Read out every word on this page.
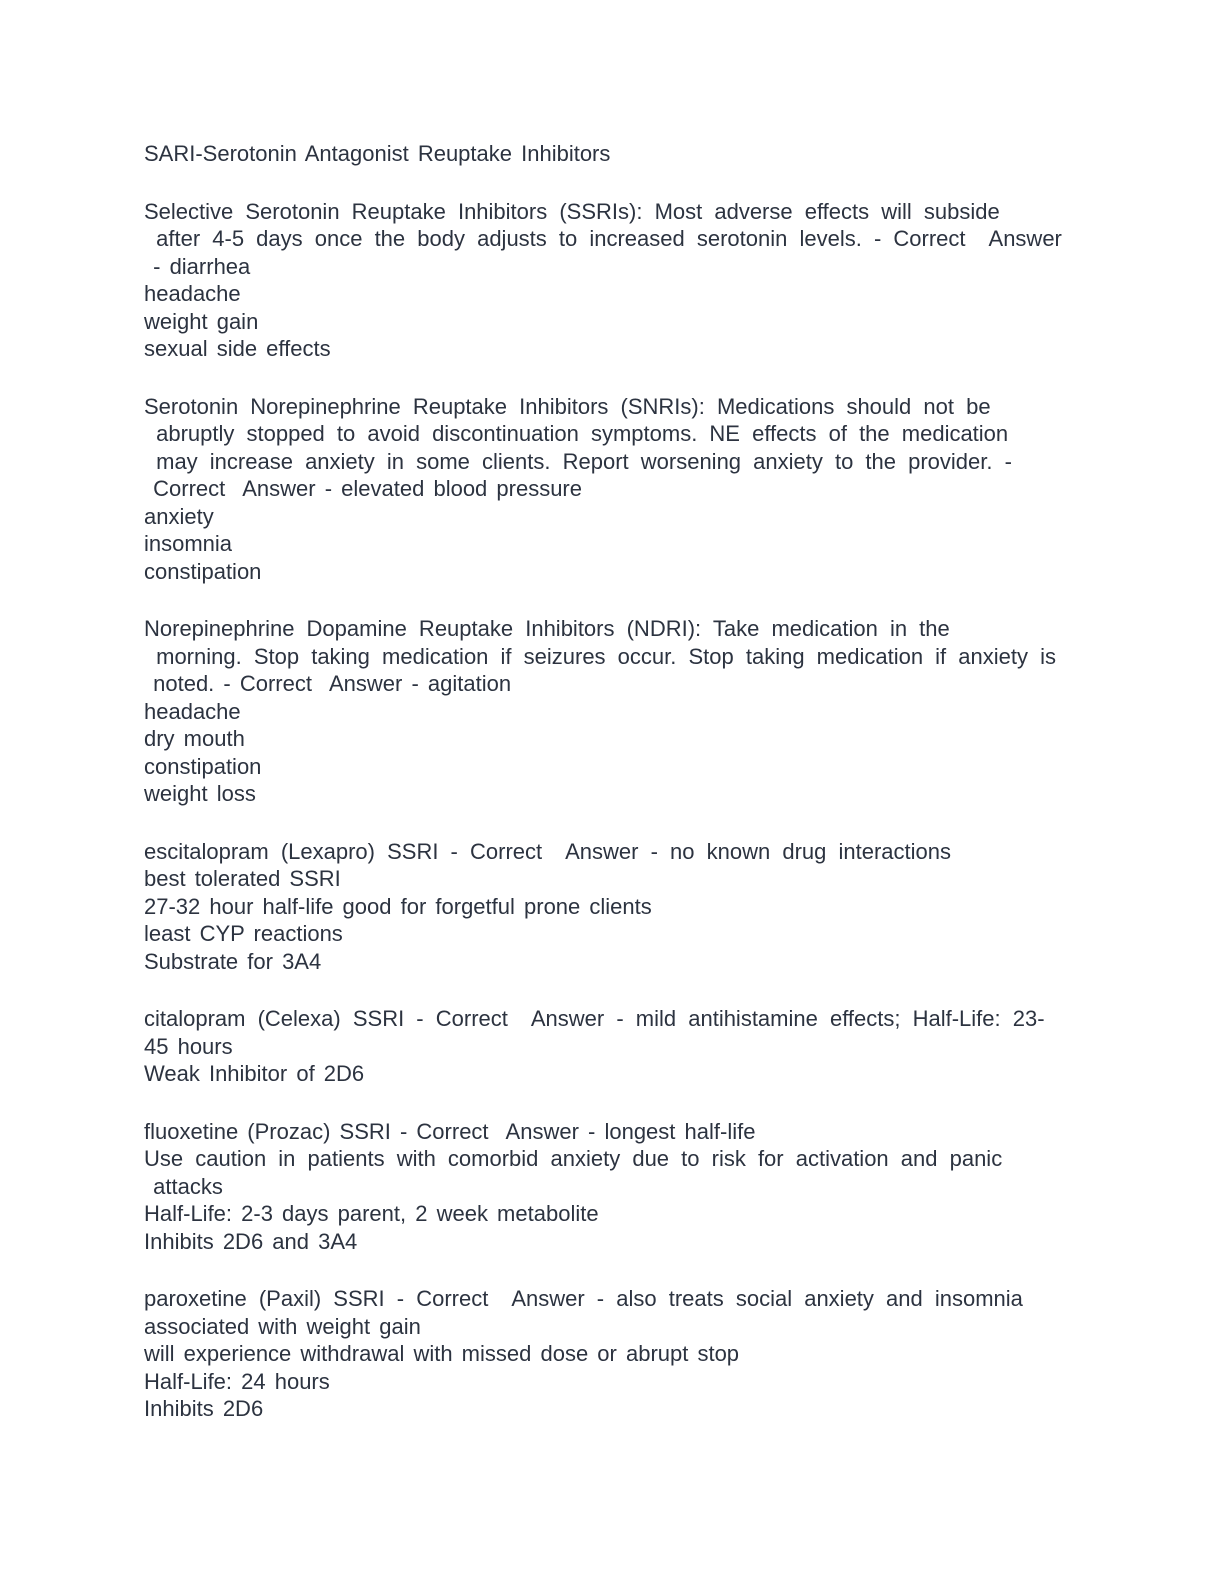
SARI-Serotonin Antagonist Reuptake Inhibitors
Selective Serotonin Reuptake Inhibitors (SSRIs): Most adverse effects will subside
after 4-5 days once the body adjusts to increased serotonin levels. - Correct  Answer
- diarrhea
headache
weight gain
sexual side effects
Serotonin Norepinephrine Reuptake Inhibitors (SNRIs): Medications should not be
abruptly stopped to avoid discontinuation symptoms. NE effects of the medication
may increase anxiety in some clients. Report worsening anxiety to the provider. -
Correct  Answer - elevated blood pressure
anxiety
insomnia
constipation
Norepinephrine Dopamine Reuptake Inhibitors (NDRI): Take medication in the
morning. Stop taking medication if seizures occur. Stop taking medication if anxiety is
noted. - Correct  Answer - agitation
headache
dry mouth
constipation
weight loss
escitalopram (Lexapro) SSRI - Correct  Answer - no known drug interactions
best tolerated SSRI
27-32 hour half-life good for forgetful prone clients
least CYP reactions
Substrate for 3A4
citalopram (Celexa) SSRI - Correct  Answer - mild antihistamine effects; Half-Life: 23-
45 hours
Weak Inhibitor of 2D6
fluoxetine (Prozac) SSRI - Correct  Answer - longest half-life
Use caution in patients with comorbid anxiety due to risk for activation and panic
attacks
Half-Life: 2-3 days parent, 2 week metabolite
Inhibits 2D6 and 3A4
paroxetine (Paxil) SSRI - Correct  Answer - also treats social anxiety and insomnia
associated with weight gain
will experience withdrawal with missed dose or abrupt stop
Half-Life: 24 hours
Inhibits 2D6
